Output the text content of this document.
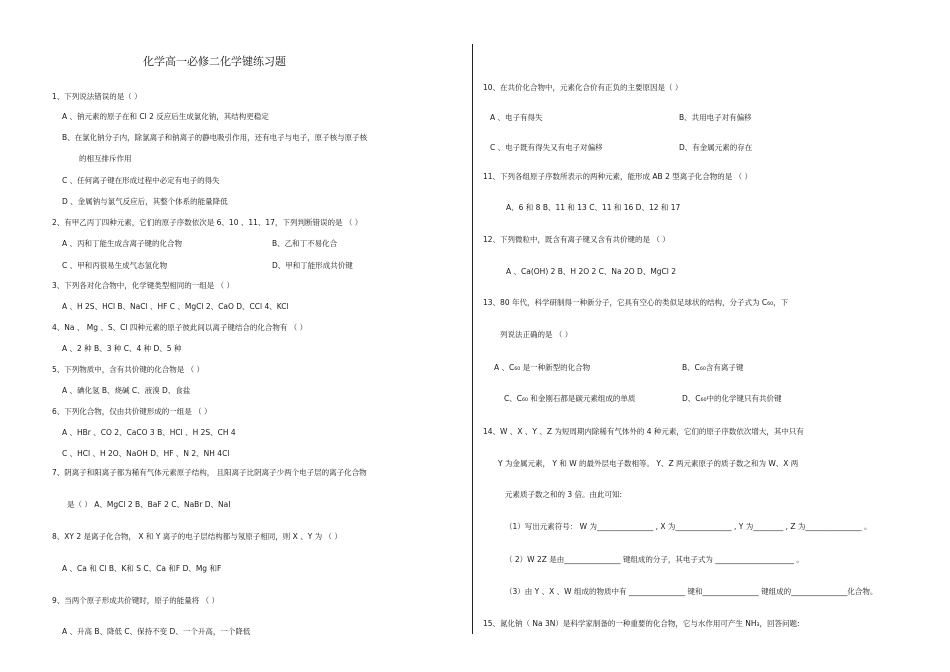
化学高一必修二化学键练习题
1、下列说法错误的是（ ）
A 、钠元素的原子在和 Cl 2 反应后生成氯化钠，其结构更稳定
B、在氯化钠分子内，除氯离子和钠离子的静电吸引作用，还有电子与电子，原子核与原子核
的相互排斥作用
C 、任何离子键在形成过程中必定有电子的得失
D 、金属钠与氯气反应后，其整个体系的能量降低
2、有甲乙丙丁四种元素，它们的原子序数依次是 6、10 、11、17，下列判断错误的是 （ ）
A 、丙和丁能生成含离子键的化合物	B、乙和丁不易化合
C 、甲和丙很易生成气态氢化物	D、甲和丁能形成共价键
3、下列各对化合物中，化学键类型相同的一组是 （ ）
A 、H 2S、HCl B、NaCl 、HF C 、MgCl 2、CaO D、CCl 4、KCl
4、Na 、 Mg 、S、Cl 四种元素的原子彼此间以离子键结合的化合物有 （ ）
A 、2 种 B、3 种 C、4 种 D、5 种
5、下列物质中，含有共价键的化合物是 （ ）
A 、碘化氢 B、烧碱 C、液溴 D、食盐
6、下列化合物，仅由共价键形成的一组是 （ ）
A 、HBr 、CO 2、CaCO 3 B、HCl 、H 2S、CH 4
C 、HCl 、H 2O、NaOH D、HF 、N 2、NH 4Cl
7、阴离子和阳离子都为稀有气体元素原子结构， 且阳离子比阴离子少两个电子层的离子化合物
是（ ） A、MgCl 2 B、BaF 2 C、NaBr D、NaI
8、XY 2 是离子化合物， X 和 Y 离子的电子层结构都与氖原子相同，则 X 、Y 为 （ ）
A 、Ca 和 Cl B、K和 S C、Ca 和F D、Mg 和F
9、当两个原子形成共价键时，原子的能量将 （ ）
A 、升高 B、降低 C、保持不变 D、一个升高，一个降低
10、在共价化合物中，元素化合价有正负的主要原因是（ ）
A 、电子有得失	B、共用电子对有偏移
C 、电子既有得失又有电子对偏移	D、有金属元素的存在
11、下列各组原子序数所表示的两种元素，能形成 AB 2 型离子化合物的是 （ ）
A、6 和 8 B、11 和 13 C、11 和 16 D、12 和 17
12、下列微粒中，既含有离子键又含有共价键的是 （ ）
A 、Ca(OH) 2 B、H 2O 2 C、Na 2O D、MgCl 2
13、80 年代，科学研制得一种新分子，它具有空心的类似足球状的结构，分子式为 C₆₀，下
列说法正确的是 （ ）
A 、C₆₀ 是一种新型的化合物	B、C₆₀含有离子键
C、C₆₀ 和金刚石都是碳元素组成的单质	D、C₆₀中的化学键只有共价键
14、W 、X 、Y 、Z 为短周期内除稀有气体外的 4 种元素，它们的原子序数依次增大，其中只有
Y 为金属元素， Y 和 W 的最外层电子数相等。 Y、Z 两元素原子的质子数之和为 W、X 两
元素质子数之和的 3 倍。由此可知:
（1）写出元素符号： W 为_______________ , X 为_______________ , Y 为________ , Z 为_______________ 。
（ 2）W 2Z 是由_______________ 键组成的分子，其电子式为 _____________________ 。
（3）由 Y 、X 、W 组成的物质中有 _______________ 键和_______________ 键组成的_______________化合物。
15、氮化钠（ Na 3N）是科学家制备的一种重要的化合物，它与水作用可产生 NH₃，回答问题:
